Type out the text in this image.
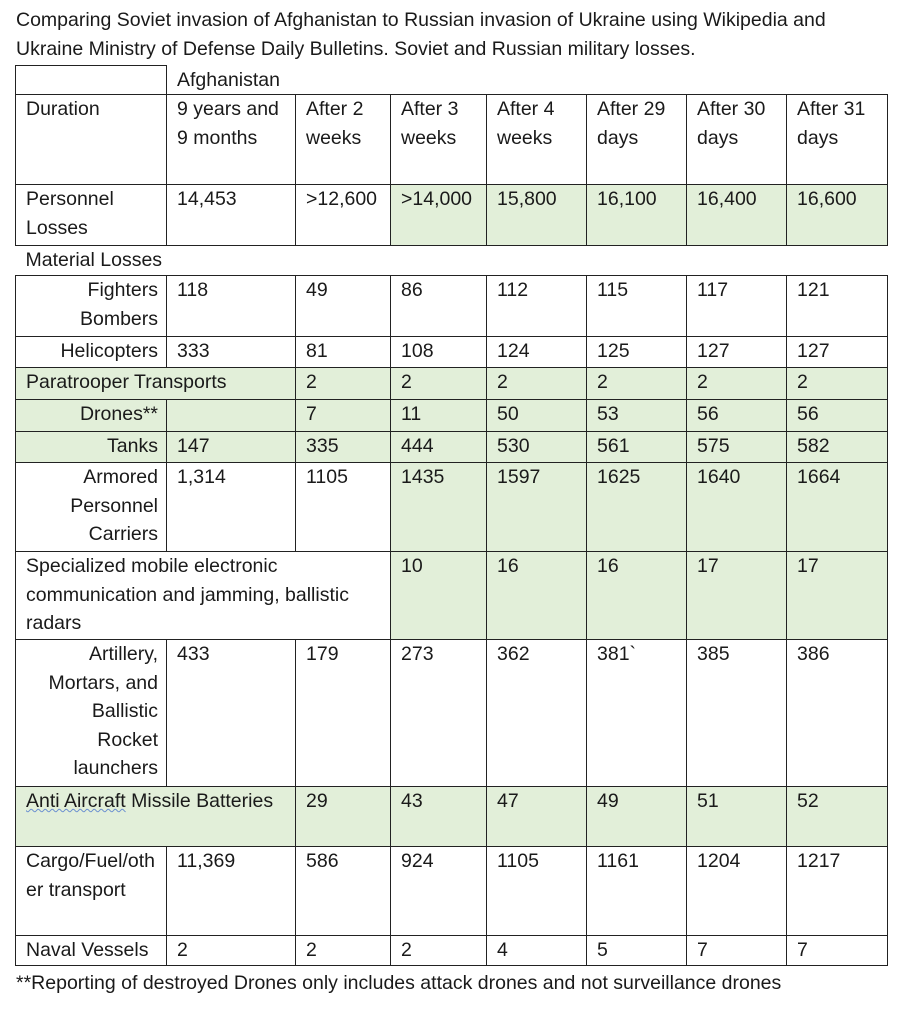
Comparing Soviet invasion of Afghanistan to Russian invasion of Ukraine using Wikipedia and
Ukraine Ministry of Defense Daily Bulletins. Soviet and Russian military losses.
	Afghanistan						
Duration	9 years and 9 months	After 2 weeks	After 3 weeks	After 4 weeks	After 29 days	After 30 days	After 31 days
Personnel Losses	14,453	>12,600	>14,000	15,800	16,100	16,400	16,600
Material Losses							
Fighters Bombers	118	49	86	112	115	117	121
Helicopters	333	81	108	124	125	127	127
Paratrooper Transports		2	2	2	2	2	2
Drones**		7	11	50	53	56	56
Tanks	147	335	444	530	561	575	582
Armored Personnel Carriers	1,314	1105	1435	1597	1625	1640	1664
Specialized mobile electronic communication and jamming, ballistic radars			10	16	16	17	17
Artillery, Mortars, and Ballistic Rocket launchers	433	179	273	362	381`	385	386
Anti Aircraft Missile Batteries		29	43	47	49	51	52
Cargo/Fuel/other transport	11,369	586	924	1105	1161	1204	1217
Naval Vessels	2	2	2	4	5	7	7
**Reporting of destroyed Drones only includes attack drones and not surveillance drones
